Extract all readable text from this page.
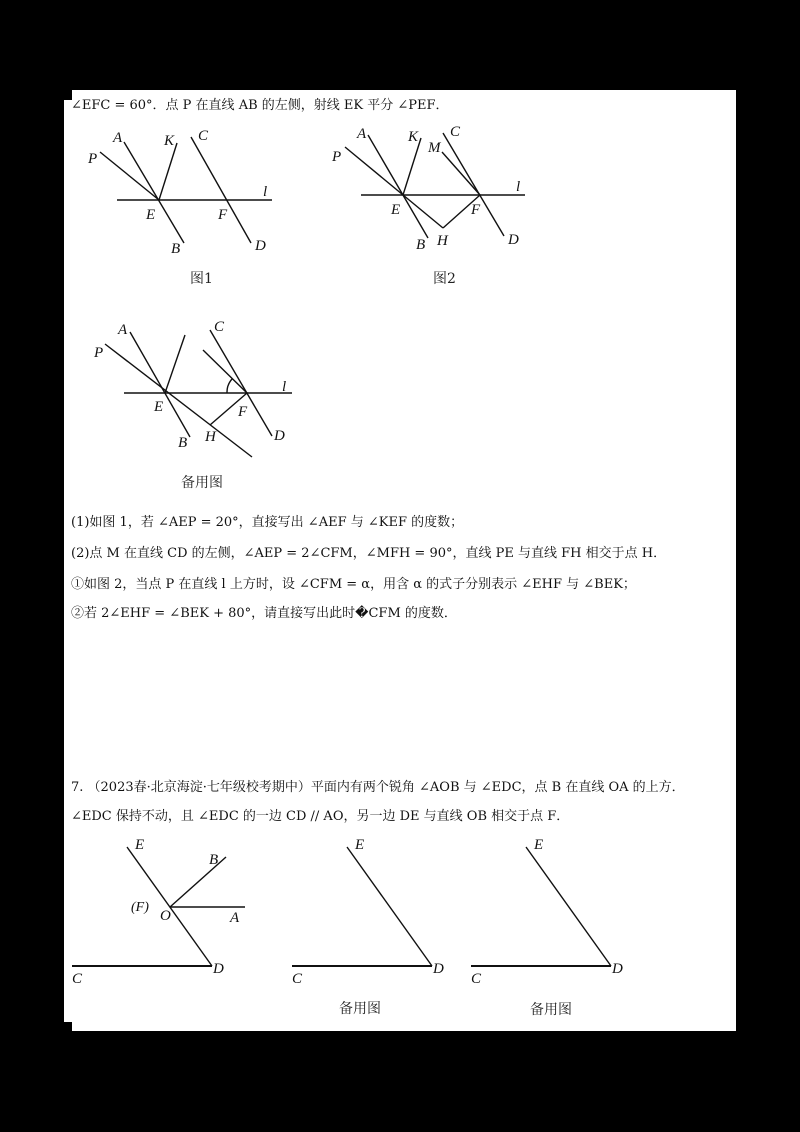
∠EFC = 60°．点 P 在直线 AB 的左侧，射线 EK 平分 ∠PEF．
A	K C
P
l
E	F
B	D
A	K C
M
P
l
E	F
B H	D
A	C
P
l
E	F
B H	D
E
B
(F)
O	A
C
D
E
C
D
E
C
D
图1	图2
备用图
(1)如图 1，若 ∠AEP = 20°，直接写出 ∠AEF 与 ∠KEF 的度数；
(2)点 M 在直线 CD 的左侧，∠AEP = 2∠CFM，∠MFH = 90°，直线 PE 与直线 FH 相交于点 H．
①如图 2，当点 P 在直线 l 上方时，设 ∠CFM = α，用含 α 的式子分别表示 ∠EHF 与 ∠BEK；
②若 2∠EHF = ∠BEK + 80°，请直接写出此时�CFM 的度数．
7. （2023春·北京海淀·七年级校考期中）平面内有两个锐角 ∠AOB 与 ∠EDC，点 B 在直线 OA 的上方．
∠EDC 保持不动，且 ∠EDC 的一边 CD // AO，另一边 DE 与直线 OB 相交于点 F．
备用图	备用图
